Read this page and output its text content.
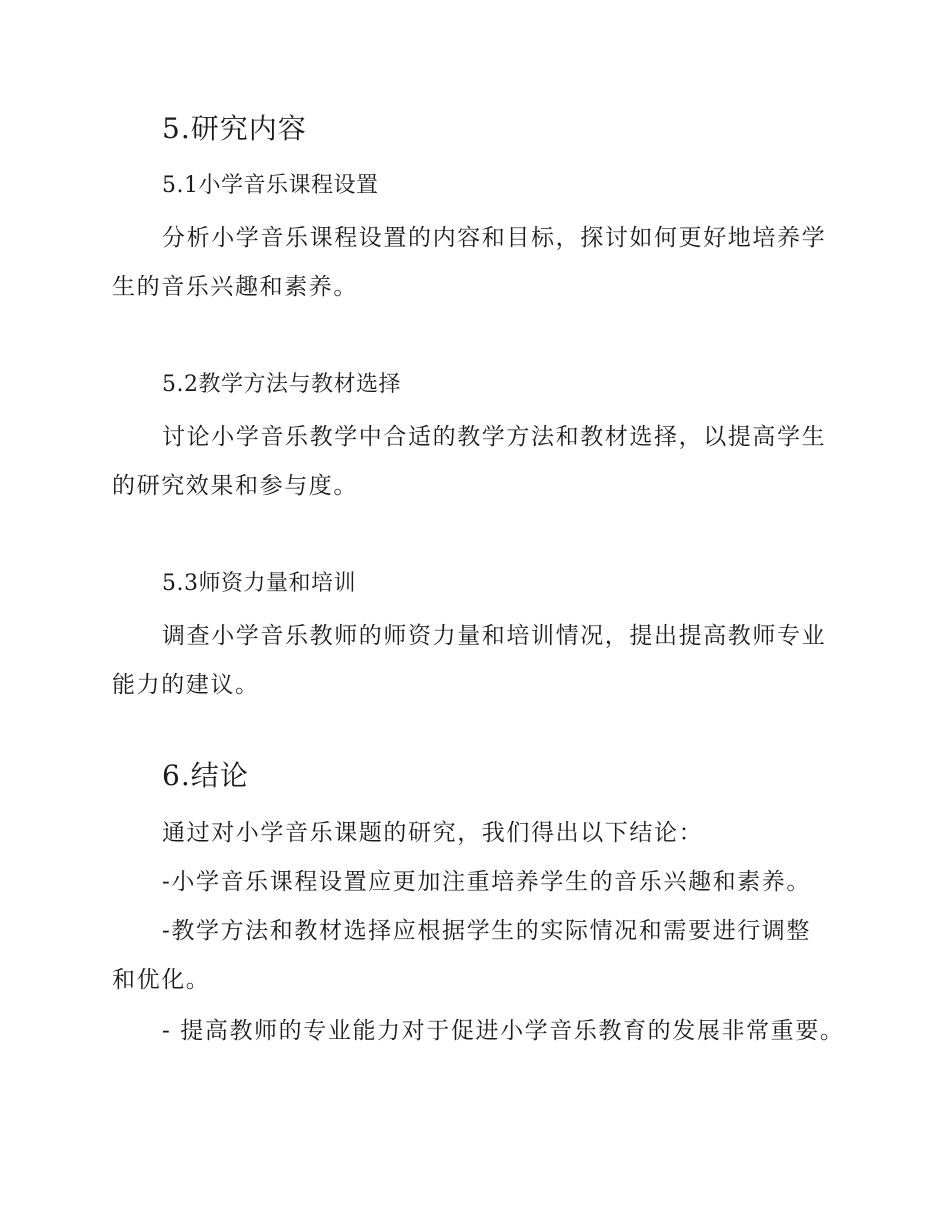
5.研究内容
5.1小学音乐课程设置
分析小学音乐课程设置的内容和目标，探讨如何更好地培养学
生的音乐兴趣和素养。
5.2教学方法与教材选择
讨论小学音乐教学中合适的教学方法和教材选择，以提高学生
的研究效果和参与度。
5.3师资力量和培训
调查小学音乐教师的师资力量和培训情况，提出提高教师专业
能力的建议。
6.结论
通过对小学音乐课题的研究，我们得出以下结论：
-小学音乐课程设置应更加注重培养学生的音乐兴趣和素养。
-教学方法和教材选择应根据学生的实际情况和需要进行调整
和优化。
- 提高教师的专业能力对于促进小学音乐教育的发展非常重要。
